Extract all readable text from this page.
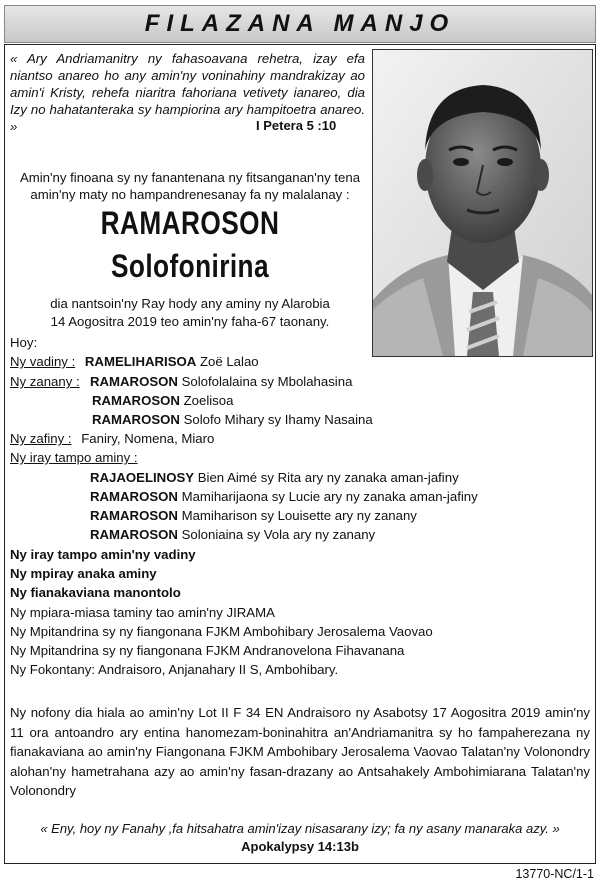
FILAZANA MANJO
« Ary Andriamanitry ny fahasoavana rehetra, izay efa niantso anareo ho any amin'ny voninahiny mandrakizay ao amin'i Kristy, rehefa niaritra fahoriana vetivety ianareo, dia Izy no hahatanteraka sy hampiorina ary hampitoetra anareo. »	I Petera 5 :10
Amin'ny finoana sy ny fanantenana ny fitsanganan'ny tena amin'ny maty no hampandrenesanay fa ny malalanay :
RAMAROSON
Solofonirina
dia nantsoin'ny Ray hody any aminy ny Alarobia
14 Aogositra 2019 teo amin'ny faha-67 taonany.
Hoy:
Ny vadiny : RAMELIHARISOA Zoë Lalao
Ny zanany : RAMAROSON Solofolalaina sy Mbolahasina
RAMAROSON Zoelisoa
RAMAROSON Solofo Mihary sy Ihamy Nasaina
Ny zafiny : Faniry, Nomena, Miaro
Ny iray tampo aminy :
RAJAOELINOSY Bien Aimé sy Rita ary ny zanaka aman-jafiny
RAMAROSON Mamiharijaona sy Lucie ary ny zanaka aman-jafiny
RAMAROSON Mamiharison sy Louisette ary ny zanany
RAMAROSON Soloniaina sy Vola ary ny zanany
Ny iray tampo amin'ny vadiny
Ny mpiray anaka aminy
Ny fianakaviana manontolo
Ny mpiara-miasa taminy tao amin'ny JIRAMA
Ny Mpitandrina sy ny fiangonana FJKM Ambohibary Jerosalema Vaovao
Ny Mpitandrina sy ny fiangonana FJKM Andranovelona Fihavanana
Ny Fokontany: Andraisoro, Anjanahary II S, Ambohibary.
Ny nofony dia hiala ao amin'ny Lot II F 34 EN Andraisoro ny Asabotsy 17 Aogositra 2019 amin'ny 11 ora antoandro ary entina hanomezam-boninahitra an'Andriamanitra sy ho fampaherezana ny fianakaviana ao amin'ny Fiangonana FJKM Ambohibary Jerosalema Vaovao Talatan'ny Volonondry alohan'ny hametrahana azy ao amin'ny fasan-drazany ao Antsahakely Ambohimiarana Talatan'ny Volonondry
« Eny, hoy ny Fanahy ,fa hitsahatra amin'izay nisasarany izy; fa ny asany manaraka azy. »
Apokalypsy 14:13b
13770-NC/1-1
